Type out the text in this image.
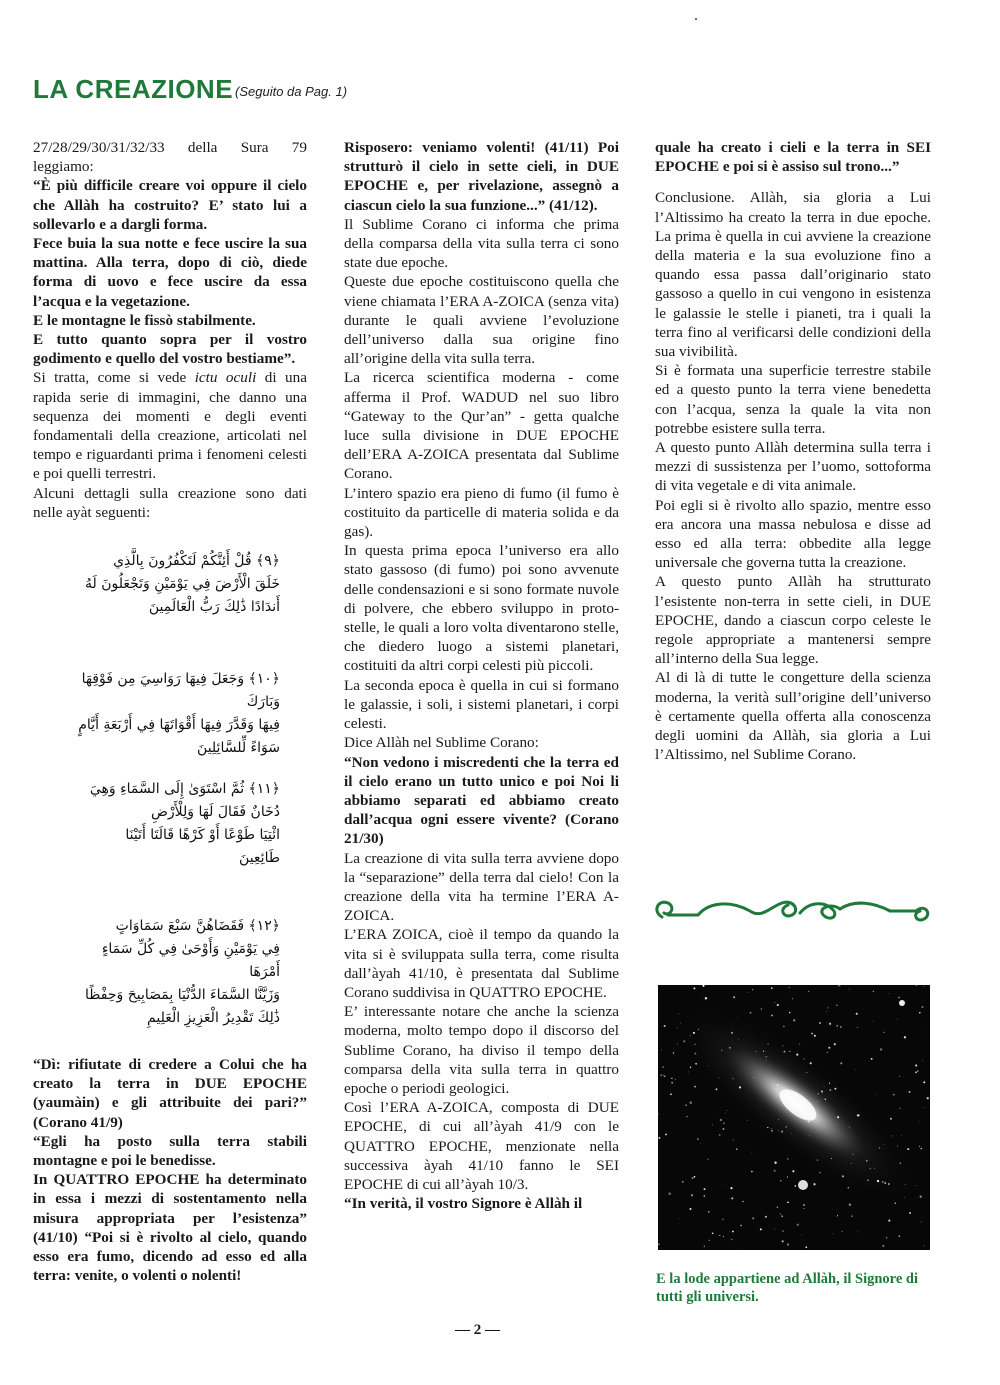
LA CREAZIONE (Seguito da Pag. 1)

27/28/29/30/31/32/33 della Sura 79 leggiamo:

“È più difficile creare voi oppure il cielo che Allàh ha costruito? E’ stato lui a sollevarlo e a dargli forma.

Fece buia la sua notte e fece uscire la sua mattina. Alla terra, dopo di ciò, diede forma di uovo e fece uscire da essa l’acqua e la vegetazione.

E le montagne le fissò stabilmente.

E tutto quanto sopra per il vostro godimento e quello del vostro bestiame”.

Si tratta, come si vede ictu oculi di una rapida serie di immagini, che danno una sequenza dei momenti e degli eventi fondamentali della creazione, articolati nel tempo e riguardanti prima i fenomeni celesti e poi quelli terrestri.

Alcuni dettagli sulla creazione sono dati nelle ayàt seguenti:

﴿٩﴾ قُلْ أَئِنَّكُمْ لَتَكْفُرُونَ بِالَّذِي
خَلَقَ الْأَرْضَ فِي يَوْمَيْنِ وَتَجْعَلُونَ لَهُ
أَندَادًا ذَٰلِكَ رَبُّ الْعَالَمِينَ
﴿١٠﴾ وَجَعَلَ فِيهَا رَوَاسِيَ مِن فَوْقِهَا وَبَارَكَ
فِيهَا وَقَدَّرَ فِيهَا أَقْوَاتَهَا فِي أَرْبَعَةِ أَيَّامٍ
سَوَاءً لِّلسَّائِلِينَ
﴿١١﴾ ثُمَّ اسْتَوَىٰ إِلَى السَّمَاءِ وَهِيَ
دُخَانٌ فَقَالَ لَهَا وَلِلْأَرْضِ
ائْتِيَا طَوْعًا أَوْ كَرْهًا قَالَتَا أَتَيْنَا
طَائِعِينَ
﴿١٢﴾ فَقَضَاهُنَّ سَبْعَ سَمَاوَاتٍ
فِي يَوْمَيْنِ وَأَوْحَىٰ فِي كُلِّ سَمَاءٍ أَمْرَهَا
وَزَيَّنَّا السَّمَاءَ الدُّنْيَا بِمَصَابِيحَ وَحِفْظًا
ذَٰلِكَ تَقْدِيرُ الْعَزِيزِ الْعَلِيمِ

“Dì: rifiutate di credere a Colui che ha creato la terra in DUE EPOCHE (yaumàin) e gli attribuite dei pari?” (Corano 41/9)

“Egli ha posto sulla terra stabili montagne e poi le benedisse.

In QUATTRO EPOCHE ha determinato in essa i mezzi di sostentamento nella misura appropriata per l’esistenza” (41/10) “Poi si è rivolto al cielo, quando esso era fumo, dicendo ad esso ed alla terra: venite, o volenti o nolenti!

Risposero: veniamo volenti! (41/11) Poi strutturò il cielo in sette cieli, in DUE EPOCHE e, per rivelazione, assegnò a ciascun cielo la sua funzione...” (41/12).

Il Sublime Corano ci informa che prima della comparsa della vita sulla terra ci sono state due epoche.

Queste due epoche costituiscono quella che viene chiamata l’ERA A-ZOICA (senza vita) durante le quali avviene l’evoluzione dell’universo dalla sua origine fino all’origine della vita sulla terra.

La ricerca scientifica moderna - come afferma il Prof. WADUD nel suo libro “Gateway to the Qur’an” - getta qualche luce sulla divisione in DUE EPOCHE dell’ERA A-ZOICA presentata dal Sublime Corano.

L’intero spazio era pieno di fumo (il fumo è costituito da particelle di materia solida e da gas).

In questa prima epoca l’universo era allo stato gassoso (di fumo) poi sono avvenute delle condensazioni e si sono formate nuvole di polvere, che ebbero sviluppo in proto-stelle, le quali a loro volta diventarono stelle, che diedero luogo a sistemi planetari, costituiti da altri corpi celesti più piccoli.

La seconda epoca è quella in cui si formano le galassie, i soli, i sistemi planetari, i corpi celesti.

Dice Allàh nel Sublime Corano:

“Non vedono i miscredenti che la terra ed il cielo erano un tutto unico e poi Noi li abbiamo separati ed abbiamo creato dall’acqua ogni essere vivente? (Corano 21/30)

La creazione di vita sulla terra avviene dopo la “separazione” della terra dal cielo! Con la creazione della vita ha termine l’ERA A-ZOICA.

L’ERA ZOICA, cioè il tempo da quando la vita si è sviluppata sulla terra, come risulta dall’àyah 41/10, è presentata dal Sublime Corano suddivisa in QUATTRO EPOCHE.

E’ interessante notare che anche la scienza moderna, molto tempo dopo il discorso del Sublime Corano, ha diviso il tempo della comparsa della vita sulla terra in quattro epoche o periodi geologici.

Così l’ERA A-ZOICA, composta di DUE EPOCHE, di cui all’àyah 41/9 con le QUATTRO EPOCHE, menzionate nella successiva àyah 41/10 fanno le SEI EPOCHE di cui all’àyah 10/3.

“In verità, il vostro Signore è Allàh il

quale ha creato i cieli e la terra in SEI EPOCHE e poi si è assiso sul trono...”

Conclusione. Allàh, sia gloria a Lui l’Altissimo ha creato la terra in due epoche. La prima è quella in cui avviene la creazione della materia e la sua evoluzione fino a quando essa passa dall’originario stato gassoso a quello in cui vengono in esistenza le galassie le stelle i pianeti, tra i quali la terra fino al verificarsi delle condizioni della sua vivibilità.

Si è formata una superficie terrestre stabile ed a questo punto la terra viene benedetta con l’acqua, senza la quale la vita non potrebbe esistere sulla terra.

A questo punto Allàh determina sulla terra i mezzi di sussistenza per l’uomo, sottoforma di vita vegetale e di vita animale.

Poi egli si è rivolto allo spazio, mentre esso era ancora una massa nebulosa e disse ad esso ed alla terra: obbedite alla legge universale che governa tutta la creazione.

A questo punto Allàh ha strutturato l’esistente non-terra in sette cieli, in DUE EPOCHE, dando a ciascun corpo celeste le regole appropriate a mantenersi sempre all’interno della Sua legge.

Al di là di tutte le congetture della scienza moderna, la verità sull’origine dell’universo è certamente quella offerta alla conoscenza degli uomini da Allàh, sia gloria a Lui l’Altissimo, nel Sublime Corano.

E la lode appartiene ad Allàh, il Signore di tutti gli universi.
— 2 —
